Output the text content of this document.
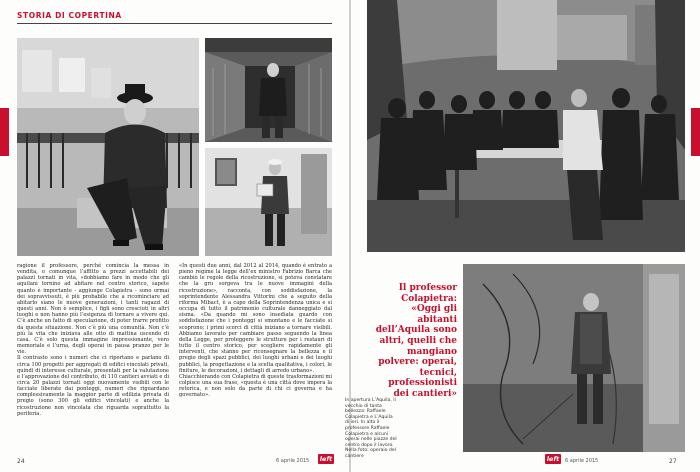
STORIA DI COPERTINA
ragione il professore, perché comincia la messa in vendita, o comunque l’affitto a prezzi accettabili dei palazzi tornati in vita, «dobbiamo fare in modo che gli aquilani tornino ad abitare nel centro storico, sapete quanto è importante - aggiunge Colapietra - sono ormai dei sopravvissuti, è più probabile che a ricominciare ad abitarlo siano le nuove generazioni, i tanti ragazzi di questi anni. Non è semplice, i figli sono cresciuti in altri luoghi e non hanno più l’esigenza di tornare a vivere qui. C’è anche un fatto di speculazione, di poter trarre profitto da questa situazione. Non c’è più una comunità. Non c’è più la vita che iniziava alle otto di mattina uscendo di casa. C’è solo questa immagine impressionante, vero memoriale e l’urna, degli operai in pausa pranzo per le vie.
Il contrasto sono i numeri che ci riportano e parlano di circa 100 progetti per aggregati di edifici vincolati privati, quindi di interesse culturale, presentati per la valutazione e l’approvazione del contributo, di 110 cantieri avviati e di circa 20 palazzi tornati oggi nuovamente visibili con le facciate liberate dai ponteggi, numeri che riguardano complessivamente la maggior parte di edilizia privata di pregio (sono 300 gli edifici vincolati) e anche la ricostruzione non vincolata che riguarda soprattutto la periferia.
«In questi due anni, dal 2012 al 2014, quando è entrato a pieno regime la legge dell’ex ministro Fabrizio Barca che cambiò le regole della ricostruzione, si poteva constatare che la gru sorgeva tra le nuove immagini della ricostruzione», racconta, con soddisfazione, la soprintendente Alessandra Vittorini che a seguito della riforma Mibact, è a capo della Soprintendenza unica e si occupa di tutto il patrimonio culturale danneggiato dal sisma. «Da quando mi sono insediata guardo con soddisfazione che i ponteggi si smontano e le facciate si scoprono; i primi scorci di città iniziano a tornare visibili. Abbiamo lavorato per cambiare passo seguendo la linea della Legge, per proteggere le strutture per i restauri di tutto il centro storico, per scegliere rapidamente gli interventi, che stanno per riconsegnare la bellezza e il pregio degli spazi pubblici, dei luoghi urbani e dei luoghi pubblici, la progettazione e la scelta qualitativa, i colori, le finiture, le decorazioni, i dettagli di arredo urbano».
Chiacchierando con Colapietra di queste trasformazioni mi colpisce una sua frase, «questa è una città dove impera la retorica, e non solo da parte di chi ci governa e ha governato».
24	6 aprile 2015 left
Il professor Colapietra: «Oggi gli abitanti dell’Aquila sono altri, quelli che mangiano polvere: operai, tecnici, professionisti dei cantieri»
In apertura L’Aquila, il vecchio di tanta bellezza: Raffaele Colapietra e L’Aquila di ieri. In alto il professore Raffaele Colapietra e alcuni operai nelle piazze del centro dopo il lavoro. Nella foto: operaio del cantiere	left	6 aprile 2015	27
